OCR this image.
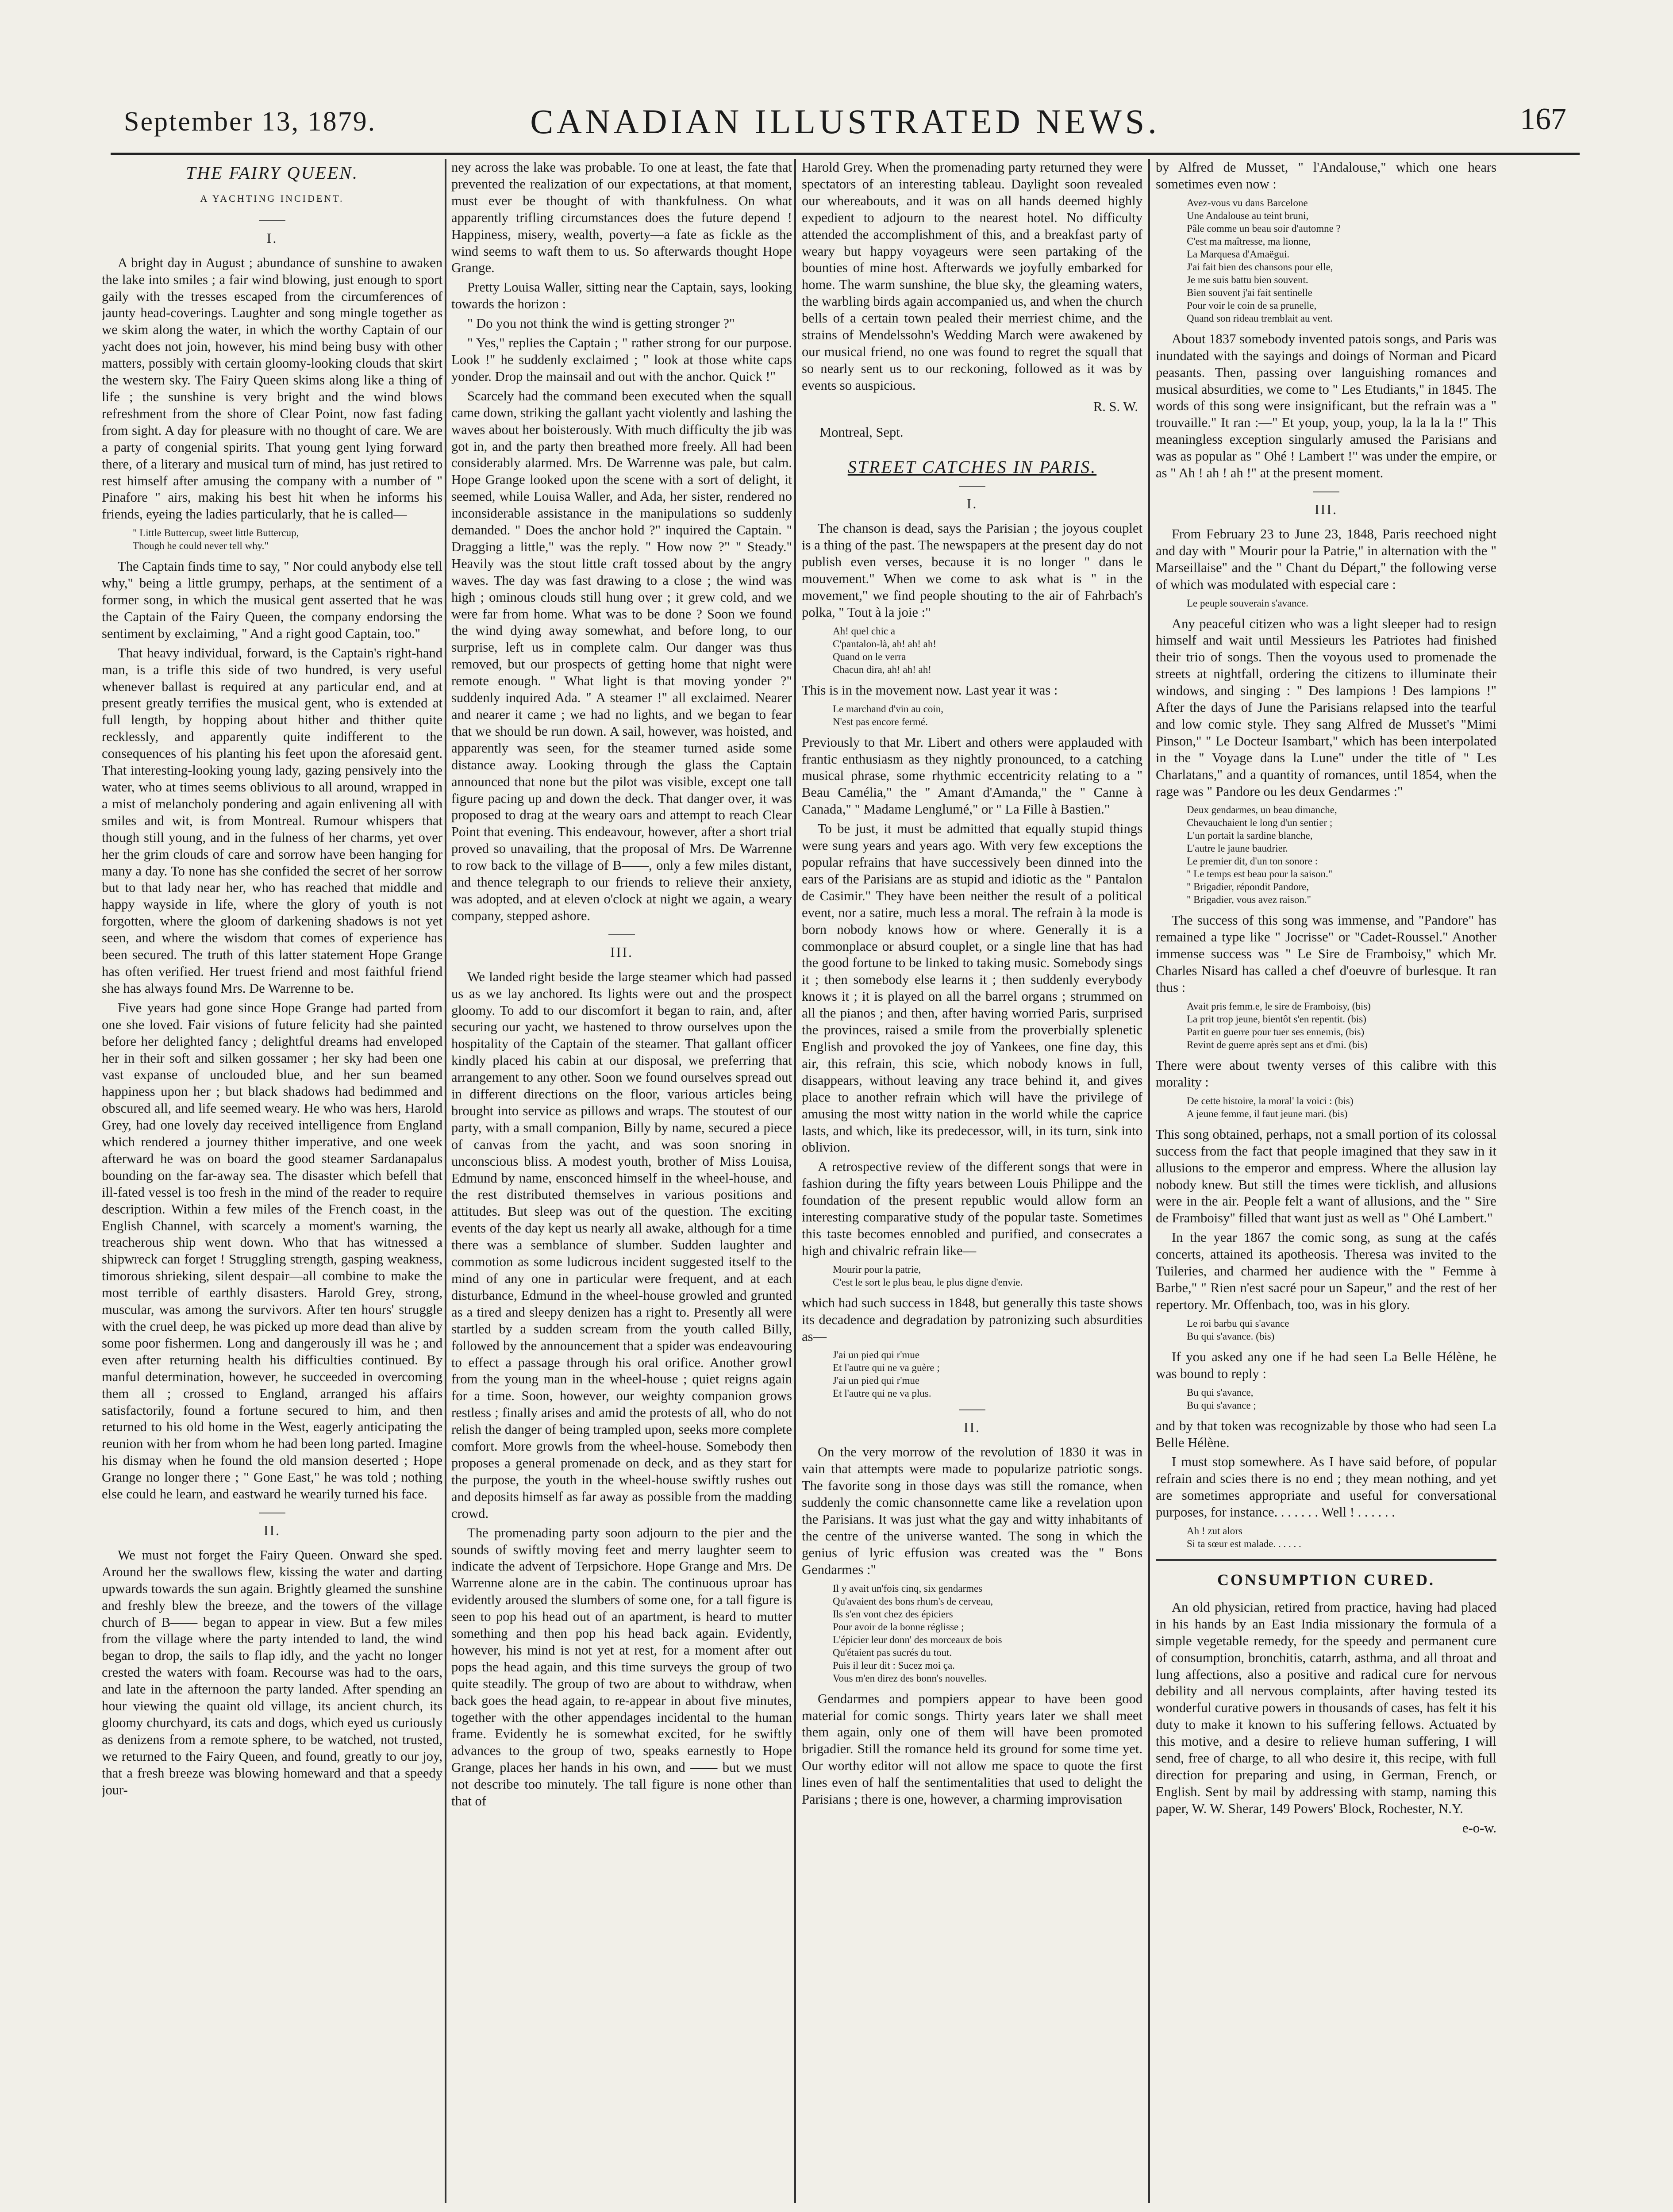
September 13, 1879.	CANADIAN ILLUSTRATED NEWS.	167
THE FAIRY QUEEN.
A YACHTING INCIDENT.
I.

A bright day in August ; abundance of sunshine to awaken the lake into smiles ; a fair wind blowing, just enough to sport gaily with the tresses escaped from the circumferences of jaunty head-coverings. Laughter and song mingle together as we skim along the water, in which the worthy Captain of our yacht does not join, however, his mind being busy with other matters, possibly with certain gloomy-looking clouds that skirt the western sky. The Fairy Queen skims along like a thing of life ; the sunshine is very bright and the wind blows refreshment from the shore of Clear Point, now fast fading from sight. A day for pleasure with no thought of care. We are a party of congenial spirits. That young gent lying forward there, of a literary and musical turn of mind, has just retired to rest himself after amusing the company with a number of " Pinafore " airs, making his best hit when he informs his friends, eyeing the ladies particularly, that he is called—

" Little Buttercup, sweet little Buttercup,
Though he could never tell why."

The Captain finds time to say, " Nor could anybody else tell why," being a little grumpy, perhaps, at the sentiment of a former song, in which the musical gent asserted that he was the Captain of the Fairy Queen, the company endorsing the sentiment by exclaiming, " And a right good Captain, too."

That heavy individual, forward, is the Captain's right-hand man, is a trifle this side of two hundred, is very useful whenever ballast is required at any particular end, and at present greatly terrifies the musical gent, who is extended at full length, by hopping about hither and thither quite recklessly, and apparently quite indifferent to the consequences of his planting his feet upon the aforesaid gent. That interesting-looking young lady, gazing pensively into the water, who at times seems oblivious to all around, wrapped in a mist of melancholy pondering and again enlivening all with smiles and wit, is from Montreal. Rumour whispers that though still young, and in the fulness of her charms, yet over her the grim clouds of care and sorrow have been hanging for many a day. To none has she confided the secret of her sorrow but to that lady near her, who has reached that middle and happy wayside in life, where the glory of youth is not forgotten, where the gloom of darkening shadows is not yet seen, and where the wisdom that comes of experience has been secured. The truth of this latter statement Hope Grange has often verified. Her truest friend and most faithful friend she has always found Mrs. De Warrenne to be.

Five years had gone since Hope Grange had parted from one she loved. Fair visions of future felicity had she painted before her delighted fancy ; delightful dreams had enveloped her in their soft and silken gossamer ; her sky had been one vast expanse of unclouded blue, and her sun beamed happiness upon her ; but black shadows had bedimmed and obscured all, and life seemed weary. He who was hers, Harold Grey, had one lovely day received intelligence from England which rendered a journey thither imperative, and one week afterward he was on board the good steamer Sardanapalus bounding on the far-away sea. The disaster which befell that ill-fated vessel is too fresh in the mind of the reader to require description. Within a few miles of the French coast, in the English Channel, with scarcely a moment's warning, the treacherous ship went down. Who that has witnessed a shipwreck can forget ! Struggling strength, gasping weakness, timorous shrieking, silent despair—all combine to make the most terrible of earthly disasters. Harold Grey, strong, muscular, was among the survivors. After ten hours' struggle with the cruel deep, he was picked up more dead than alive by some poor fishermen. Long and dangerously ill was he ; and even after returning health his difficulties continued. By manful determination, however, he succeeded in overcoming them all ; crossed to England, arranged his affairs satisfactorily, found a fortune secured to him, and then returned to his old home in the West, eagerly anticipating the reunion with her from whom he had been long parted. Imagine his dismay when he found the old mansion deserted ; Hope Grange no longer there ; " Gone East," he was told ; nothing else could he learn, and eastward he wearily turned his face.

II.

We must not forget the Fairy Queen. Onward she sped. Around her the swallows flew, kissing the water and darting upwards towards the sun again. Brightly gleamed the sunshine and freshly blew the breeze, and the towers of the village church of B—— began to appear in view. But a few miles from the village where the party intended to land, the wind began to drop, the sails to flap idly, and the yacht no longer crested the waters with foam. Recourse was had to the oars, and late in the afternoon the party landed. After spending an hour viewing the quaint old village, its ancient church, its gloomy churchyard, its cats and dogs, which eyed us curiously as denizens from a remote sphere, to be watched, not trusted, we returned to the Fairy Queen, and found, greatly to our joy, that a fresh breeze was blowing homeward and that a speedy jour-

ney across the lake was probable. To one at least, the fate that prevented the realization of our expectations, at that moment, must ever be thought of with thankfulness. On what apparently trifling circumstances does the future depend ! Happiness, misery, wealth, poverty—a fate as fickle as the wind seems to waft them to us. So afterwards thought Hope Grange.

Pretty Louisa Waller, sitting near the Captain, says, looking towards the horizon :

" Do you not think the wind is getting stronger ?"

" Yes," replies the Captain ; " rather strong for our purpose. Look !" he suddenly exclaimed ; " look at those white caps yonder. Drop the mainsail and out with the anchor. Quick !"

Scarcely had the command been executed when the squall came down, striking the gallant yacht violently and lashing the waves about her boisterously. With much difficulty the jib was got in, and the party then breathed more freely. All had been considerably alarmed. Mrs. De Warrenne was pale, but calm. Hope Grange looked upon the scene with a sort of delight, it seemed, while Louisa Waller, and Ada, her sister, rendered no inconsiderable assistance in the manipulations so suddenly demanded. " Does the anchor hold ?" inquired the Captain. " Dragging a little," was the reply. " How now ?" " Steady." Heavily was the stout little craft tossed about by the angry waves. The day was fast drawing to a close ; the wind was high ; ominous clouds still hung over ; it grew cold, and we were far from home. What was to be done ? Soon we found the wind dying away somewhat, and before long, to our surprise, left us in complete calm. Our danger was thus removed, but our prospects of getting home that night were remote enough. " What light is that moving yonder ?" suddenly inquired Ada. " A steamer !" all exclaimed. Nearer and nearer it came ; we had no lights, and we began to fear that we should be run down. A sail, however, was hoisted, and apparently was seen, for the steamer turned aside some distance away. Looking through the glass the Captain announced that none but the pilot was visible, except one tall figure pacing up and down the deck. That danger over, it was proposed to drag at the weary oars and attempt to reach Clear Point that evening. This endeavour, however, after a short trial proved so unavailing, that the proposal of Mrs. De Warrenne to row back to the village of B——, only a few miles distant, and thence telegraph to our friends to relieve their anxiety, was adopted, and at eleven o'clock at night we again, a weary company, stepped ashore.

III.

We landed right beside the large steamer which had passed us as we lay anchored. Its lights were out and the prospect gloomy. To add to our discomfort it began to rain, and, after securing our yacht, we hastened to throw ourselves upon the hospitality of the Captain of the steamer. That gallant officer kindly placed his cabin at our disposal, we preferring that arrangement to any other. Soon we found ourselves spread out in different directions on the floor, various articles being brought into service as pillows and wraps. The stoutest of our party, with a small companion, Billy by name, secured a piece of canvas from the yacht, and was soon snoring in unconscious bliss. A modest youth, brother of Miss Louisa, Edmund by name, ensconced himself in the wheel-house, and the rest distributed themselves in various positions and attitudes. But sleep was out of the question. The exciting events of the day kept us nearly all awake, although for a time there was a semblance of slumber. Sudden laughter and commotion as some ludicrous incident suggested itself to the mind of any one in particular were frequent, and at each disturbance, Edmund in the wheel-house growled and grunted as a tired and sleepy denizen has a right to. Presently all were startled by a sudden scream from the youth called Billy, followed by the announcement that a spider was endeavouring to effect a passage through his oral orifice. Another growl from the young man in the wheel-house ; quiet reigns again for a time. Soon, however, our weighty companion grows restless ; finally arises and amid the protests of all, who do not relish the danger of being trampled upon, seeks more complete comfort. More growls from the wheel-house. Somebody then proposes a general promenade on deck, and as they start for the purpose, the youth in the wheel-house swiftly rushes out and deposits himself as far away as possible from the madding crowd.

The promenading party soon adjourn to the pier and the sounds of swiftly moving feet and merry laughter seem to indicate the advent of Terpsichore. Hope Grange and Mrs. De Warrenne alone are in the cabin. The continuous uproar has evidently aroused the slumbers of some one, for a tall figure is seen to pop his head out of an apartment, is heard to mutter something and then pop his head back again. Evidently, however, his mind is not yet at rest, for a moment after out pops the head again, and this time surveys the group of two quite steadily. The group of two are about to withdraw, when back goes the head again, to re-appear in about five minutes, together with the other appendages incidental to the human frame. Evidently he is somewhat excited, for he swiftly advances to the group of two, speaks earnestly to Hope Grange, places her hands in his own, and —— but we must not describe too minutely. The tall figure is none other than that of

Harold Grey. When the promenading party returned they were spectators of an interesting tableau. Daylight soon revealed our whereabouts, and it was on all hands deemed highly expedient to adjourn to the nearest hotel. No difficulty attended the accomplishment of this, and a breakfast party of weary but happy voyageurs were seen partaking of the bounties of mine host. Afterwards we joyfully embarked for home. The warm sunshine, the blue sky, the gleaming waters, the warbling birds again accompanied us, and when the church bells of a certain town pealed their merriest chime, and the strains of Mendelssohn's Wedding March were awakened by our musical friend, no one was found to regret the squall that so nearly sent us to our reckoning, followed as it was by events so auspicious.

R. S. W.
Montreal, Sept.
STREET CATCHES IN PARIS.
I.

The chanson is dead, says the Parisian ; the joyous couplet is a thing of the past. The newspapers at the present day do not publish even verses, because it is no longer " dans le mouvement." When we come to ask what is " in the movement," we find people shouting to the air of Fahrbach's polka, " Tout à la joie :"

Ah! quel chic a
C'pantalon-là, ah! ah! ah!
Quand on le verra
Chacun dira, ah! ah! ah!

This is in the movement now. Last year it was :

Le marchand d'vin au coin,
N'est pas encore fermé.

Previously to that Mr. Libert and others were applauded with frantic enthusiasm as they nightly pronounced, to a catching musical phrase, some rhythmic eccentricity relating to a " Beau Camélia," the " Amant d'Amanda," the " Canne à Canada," " Madame Lenglumé," or " La Fille à Bastien."

To be just, it must be admitted that equally stupid things were sung years and years ago. With very few exceptions the popular refrains that have successively been dinned into the ears of the Parisians are as stupid and idiotic as the " Pantalon de Casimir." They have been neither the result of a political event, nor a satire, much less a moral. The refrain à la mode is born nobody knows how or where. Generally it is a commonplace or absurd couplet, or a single line that has had the good fortune to be linked to taking music. Somebody sings it ; then somebody else learns it ; then suddenly everybody knows it ; it is played on all the barrel organs ; strummed on all the pianos ; and then, after having worried Paris, surprised the provinces, raised a smile from the proverbially splenetic English and provoked the joy of Yankees, one fine day, this air, this refrain, this scie, which nobody knows in full, disappears, without leaving any trace behind it, and gives place to another refrain which will have the privilege of amusing the most witty nation in the world while the caprice lasts, and which, like its predecessor, will, in its turn, sink into oblivion.

A retrospective review of the different songs that were in fashion during the fifty years between Louis Philippe and the foundation of the present republic would allow form an interesting comparative study of the popular taste. Sometimes this taste becomes ennobled and purified, and consecrates a high and chivalric refrain like—

Mourir pour la patrie,
C'est le sort le plus beau, le plus digne d'envie.

which had such success in 1848, but generally this taste shows its decadence and degradation by patronizing such absurdities as—

J'ai un pied qui r'mue
Et l'autre qui ne va guère ;
J'ai un pied qui r'mue
Et l'autre qui ne va plus.
II.

On the very morrow of the revolution of 1830 it was in vain that attempts were made to popularize patriotic songs. The favorite song in those days was still the romance, when suddenly the comic chansonnette came like a revelation upon the Parisians. It was just what the gay and witty inhabitants of the centre of the universe wanted. The song in which the genius of lyric effusion was created was the " Bons Gendarmes :"

Il y avait un'fois cinq, six gendarmes
Qu'avaient des bons rhum's de cerveau,
Ils s'en vont chez des épiciers
Pour avoir de la bonne réglisse ;
L'épicier leur donn' des morceaux de bois
Qu'étaient pas sucrés du tout.
Puis il leur dit : Sucez moi ça.
Vous m'en direz des bonn's nouvelles.

Gendarmes and pompiers appear to have been good material for comic songs. Thirty years later we shall meet them again, only one of them will have been promoted brigadier. Still the romance held its ground for some time yet. Our worthy editor will not allow me space to quote the first lines even of half the sentimentalities that used to delight the Parisians ; there is one, however, a charming improvisation

by Alfred de Musset, " l'Andalouse," which one hears sometimes even now :

Avez-vous vu dans Barcelone
Une Andalouse au teint bruni,
Pâle comme un beau soir d'automne ?
C'est ma maîtresse, ma lionne,
La Marquesa d'Amaëgui.
J'ai fait bien des chansons pour elle,
Je me suis battu bien souvent.
Bien souvent j'ai fait sentinelle
Pour voir le coin de sa prunelle,
Quand son rideau tremblait au vent.

About 1837 somebody invented patois songs, and Paris was inundated with the sayings and doings of Norman and Picard peasants. Then, passing over languishing romances and musical absurdities, we come to " Les Etudiants," in 1845. The words of this song were insignificant, but the refrain was a " trouvaille." It ran :—" Et youp, youp, youp, la la la la !" This meaningless exception singularly amused the Parisians and was as popular as " Ohé ! Lambert !" was under the empire, or as " Ah ! ah ! ah !" at the present moment.

III.

From February 23 to June 23, 1848, Paris reechoed night and day with " Mourir pour la Patrie," in alternation with the " Marseillaise" and the " Chant du Départ," the following verse of which was modulated with especial care :

Le peuple souverain s'avance.

Any peaceful citizen who was a light sleeper had to resign himself and wait until Messieurs les Patriotes had finished their trio of songs. Then the voyous used to promenade the streets at nightfall, ordering the citizens to illuminate their windows, and singing : " Des lampions ! Des lampions !" After the days of June the Parisians relapsed into the tearful and low comic style. They sang Alfred de Musset's "Mimi Pinson," " Le Docteur Isambart," which has been interpolated in the " Voyage dans la Lune" under the title of " Les Charlatans," and a quantity of romances, until 1854, when the rage was " Pandore ou les deux Gendarmes :"

Deux gendarmes, un beau dimanche,
Chevauchaient le long d'un sentier ;
L'un portait la sardine blanche,
L'autre le jaune baudrier.
Le premier dit, d'un ton sonore :
" Le temps est beau pour la saison."
" Brigadier, répondit Pandore,
" Brigadier, vous avez raison."

The success of this song was immense, and "Pandore" has remained a type like " Jocrisse" or "Cadet-Roussel." Another immense success was " Le Sire de Framboisy," which Mr. Charles Nisard has called a chef d'oeuvre of burlesque. It ran thus :

Avait pris femm.e, le sire de Framboisy, (bis)
La prit trop jeune, bientôt s'en repentit. (bis)
Partit en guerre pour tuer ses ennemis, (bis)
Revint de guerre après sept ans et d'mi. (bis)

There were about twenty verses of this calibre with this morality :

De cette histoire, la moral' la voici : (bis)
A jeune femme, il faut jeune mari. (bis)

This song obtained, perhaps, not a small portion of its colossal success from the fact that people imagined that they saw in it allusions to the emperor and empress. Where the allusion lay nobody knew. But still the times were ticklish, and allusions were in the air. People felt a want of allusions, and the " Sire de Framboisy" filled that want just as well as " Ohé Lambert."

In the year 1867 the comic song, as sung at the cafés concerts, attained its apotheosis. Theresa was invited to the Tuileries, and charmed her audience with the " Femme à Barbe," " Rien n'est sacré pour un Sapeur," and the rest of her repertory. Mr. Offenbach, too, was in his glory.

Le roi barbu qui s'avance
Bu qui s'avance. (bis)

If you asked any one if he had seen La Belle Hélène, he was bound to reply :

Bu qui s'avance,
Bu qui s'avance ;

and by that token was recognizable by those who had seen La Belle Hélène.

I must stop somewhere. As I have said before, of popular refrain and scies there is no end ; they mean nothing, and yet are sometimes appropriate and useful for conversational purposes, for instance. . . . . . . Well ! . . . . . .

Ah ! zut alors
Si ta sœur est malade. . . . . .
CONSUMPTION CURED.

An old physician, retired from practice, having had placed in his hands by an East India missionary the formula of a simple vegetable remedy, for the speedy and permanent cure of consumption, bronchitis, catarrh, asthma, and all throat and lung affections, also a positive and radical cure for nervous debility and all nervous complaints, after having tested its wonderful curative powers in thousands of cases, has felt it his duty to make it known to his suffering fellows. Actuated by this motive, and a desire to relieve human suffering, I will send, free of charge, to all who desire it, this recipe, with full direction for preparing and using, in German, French, or English. Sent by mail by addressing with stamp, naming this paper, W. W. Sherar, 149 Powers' Block, Rochester, N.Y.

e-o-w.
